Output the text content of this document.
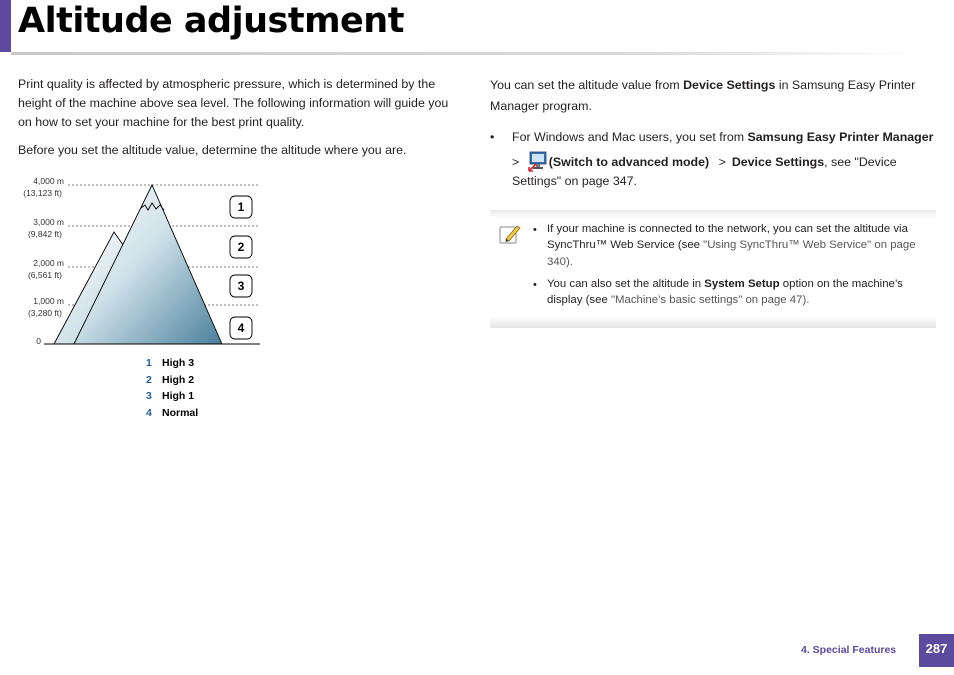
Altitude adjustment

Print quality is affected by atmospheric pressure, which is determined by the

height of the machine above sea level. The following information will guide you

on how to set your machine for the best print quality.

Before you set the altitude value, determine the altitude where you are.

4,000 m
(13,123 ft)
3,000 m
(9,842 ft)
2,000 m
(6,561 ft)
1,000 m
(3,280 ft)
0
1
2
3
4
1 High 3
2 High 2
3 High 1
4 Normal

You can set the altitude value from Device Settings in Samsung Easy Printer

Manager program.

• For Windows and Mac users, you set from Samsung Easy Printer Manager

> (Switch to advanced mode) > Device Settings, see "Device

Settings" on page 347.

• If your machine is connected to the network, you can set the altitude via

SyncThru™ Web Service (see "Using SyncThru™ Web Service" on page

340).

• You can also set the altitude in System Setup option on the machine’s

display (see "Machine’s basic settings" on page 47).

4. Special Features	287
